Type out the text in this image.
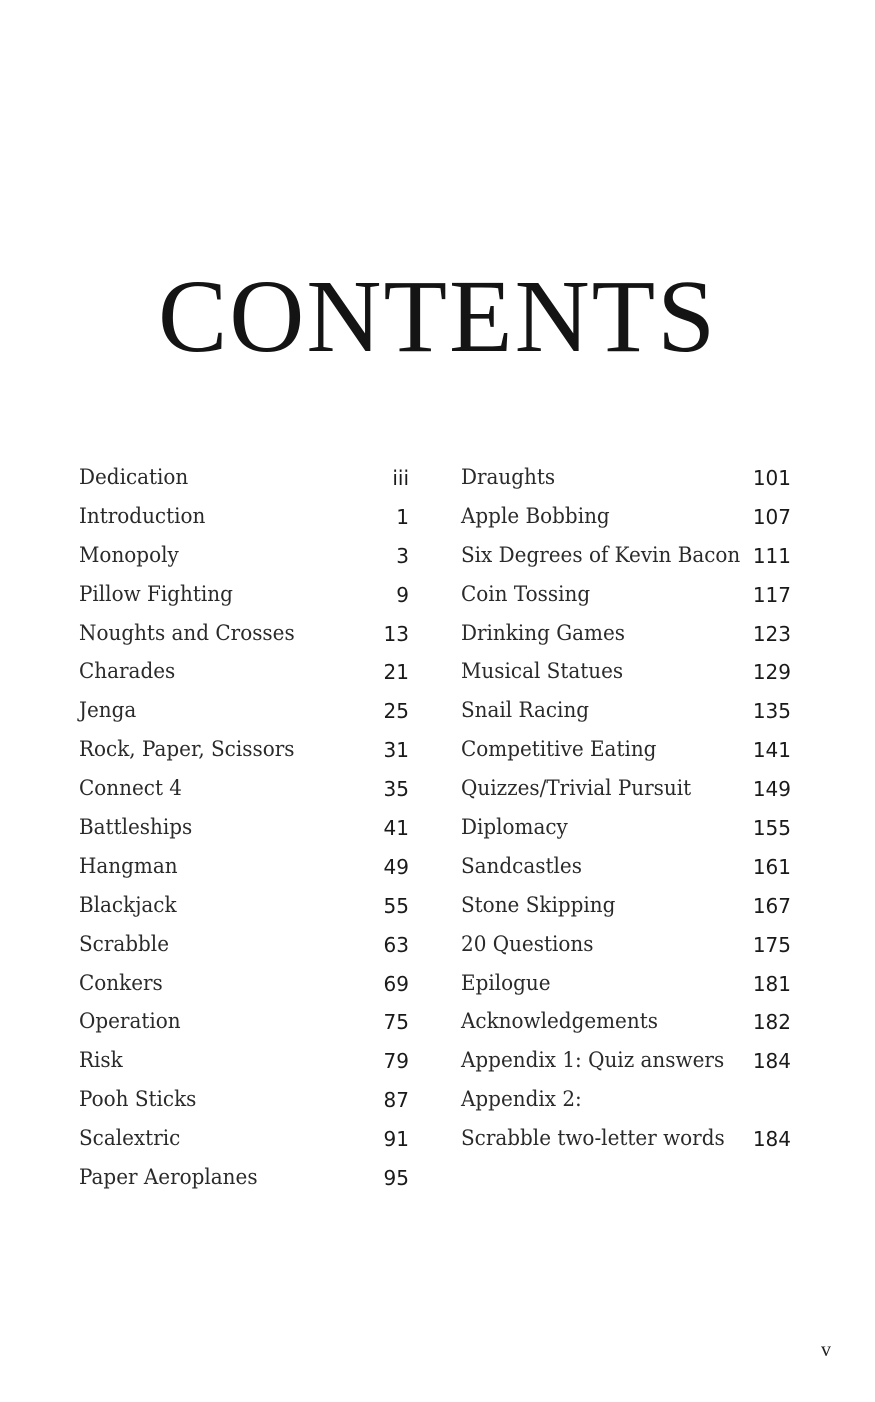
CONTENTS
Dedication	iii
Introduction	1
Monopoly	3
Pillow Fighting	9
Noughts and Crosses	13
Charades	21
Jenga	25
Rock, Paper, Scissors	31
Connect 4	35
Battleships	41
Hangman	49
Blackjack	55
Scrabble	63
Conkers	69
Operation	75
Risk	79
Pooh Sticks	87
Scalextric	91
Paper Aeroplanes	95
Draughts	101
Apple Bobbing	107
Six Degrees of Kevin Bacon 111
Coin Tossing	117
Drinking Games	123
Musical Statues	129
Snail Racing	135
Competitive Eating	141
Quizzes/Trivial Pursuit	149
Diplomacy	155
Sandcastles	161
Stone Skipping	167
20 Questions	175
Epilogue	181
Acknowledgements	182
Appendix 1: Quiz answers 184
Appendix 2:
Scrabble two-letter words 184
v
